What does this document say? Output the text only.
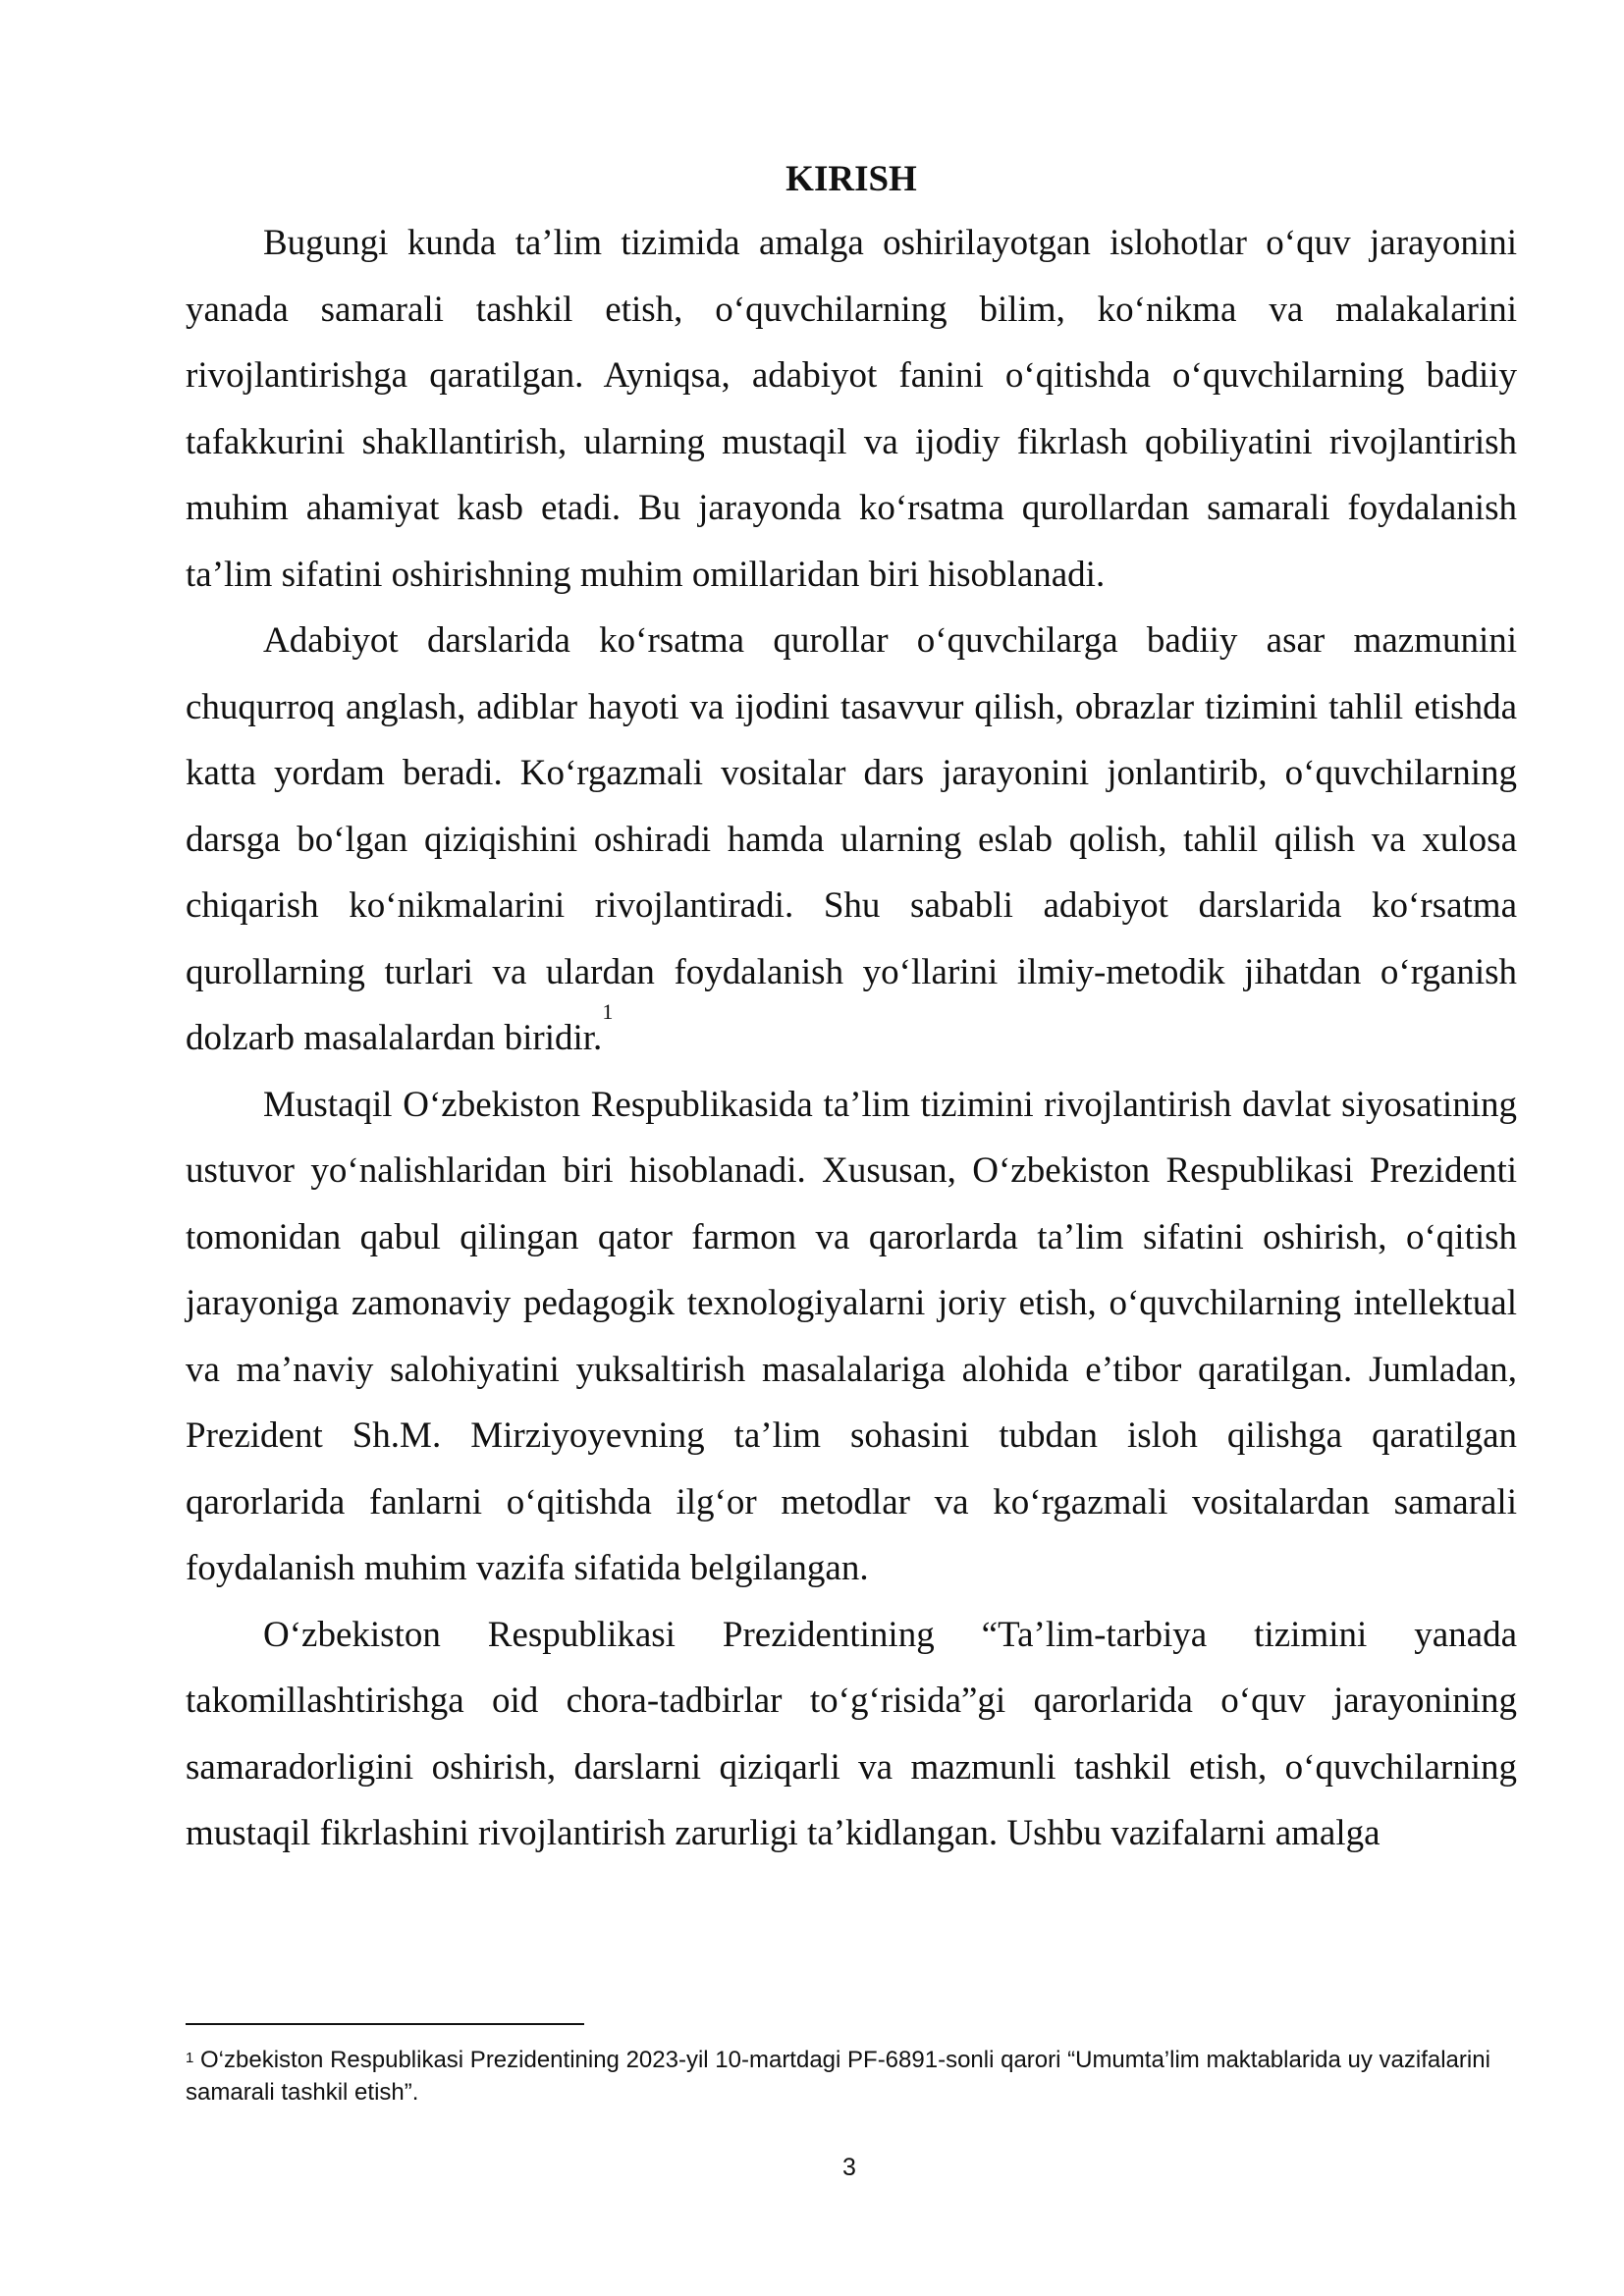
KIRISH

Bugungi kunda ta’lim tizimida amalga oshirilayotgan islohotlar o‘quv jarayonini yanada samarali tashkil etish, o‘quvchilarning bilim, ko‘nikma va malakalarini rivojlantirishga qaratilgan. Ayniqsa, adabiyot fanini o‘qitishda o‘quvchilarning badiiy tafakkurini shakllantirish, ularning mustaqil va ijodiy fikrlash qobiliyatini rivojlantirish muhim ahamiyat kasb etadi. Bu jarayonda ko‘rsatma qurollardan samarali foydalanish ta’lim sifatini oshirishning muhim omillaridan biri hisoblanadi.

Adabiyot darslarida ko‘rsatma qurollar o‘quvchilarga badiiy asar mazmunini chuqurroq anglash, adiblar hayoti va ijodini tasavvur qilish, obrazlar tizimini tahlil etishda katta yordam beradi. Ko‘rgazmali vositalar dars jarayonini jonlantirib, o‘quvchilarning darsga bo‘lgan qiziqishini oshiradi hamda ularning eslab qolish, tahlil qilish va xulosa chiqarish ko‘nikmalarini rivojlantiradi. Shu sababli adabiyot darslarida ko‘rsatma qurollarning turlari va ulardan foydalanish yo‘llarini ilmiy-metodik jihatdan o‘rganish dolzarb masalalardan biridir.$^1$

Mustaqil O‘zbekiston Respublikasida ta’lim tizimini rivojlantirish davlat siyosatining ustuvor yo‘nalishlaridan biri hisoblanadi. Xususan, O‘zbekiston Respublikasi Prezidenti tomonidan qabul qilingan qator farmon va qarorlarda ta’lim sifatini oshirish, o‘qitish jarayoniga zamonaviy pedagogik texnologiyalarni joriy etish, o‘quvchilarning intellektual va ma’naviy salohiyatini yuksaltirish masalalariga alohida e’tibor qaratilgan. Jumladan, Prezident Sh.M. Mirziyoyevning ta’lim sohasini tubdan isloh qilishga qaratilgan qarorlarida fanlarni o‘qitishda ilg‘or metodlar va ko‘rgazmali vositalardan samarali foydalanish muhim vazifa sifatida belgilangan.

O‘zbekiston Respublikasi Prezidentining “Ta’lim-tarbiya tizimini yanada takomillashtirishga oid chora-tadbirlar to‘g‘risida”gi qarorlarida o‘quv jarayonining samaradorligini oshirish, darslarni qiziqarli va mazmunli tashkil etish, o‘quvchilarning mustaqil fikrlashini rivojlantirish zarurligi ta’kidlangan. Ushbu vazifalarni amalga

$^1$ O‘zbekiston Respublikasi Prezidentining 2023-yil 10-martdagi PF-6891-sonli qarori “Umumta’lim maktablarida uy vazifalarini samarali tashkil etish”.

3
